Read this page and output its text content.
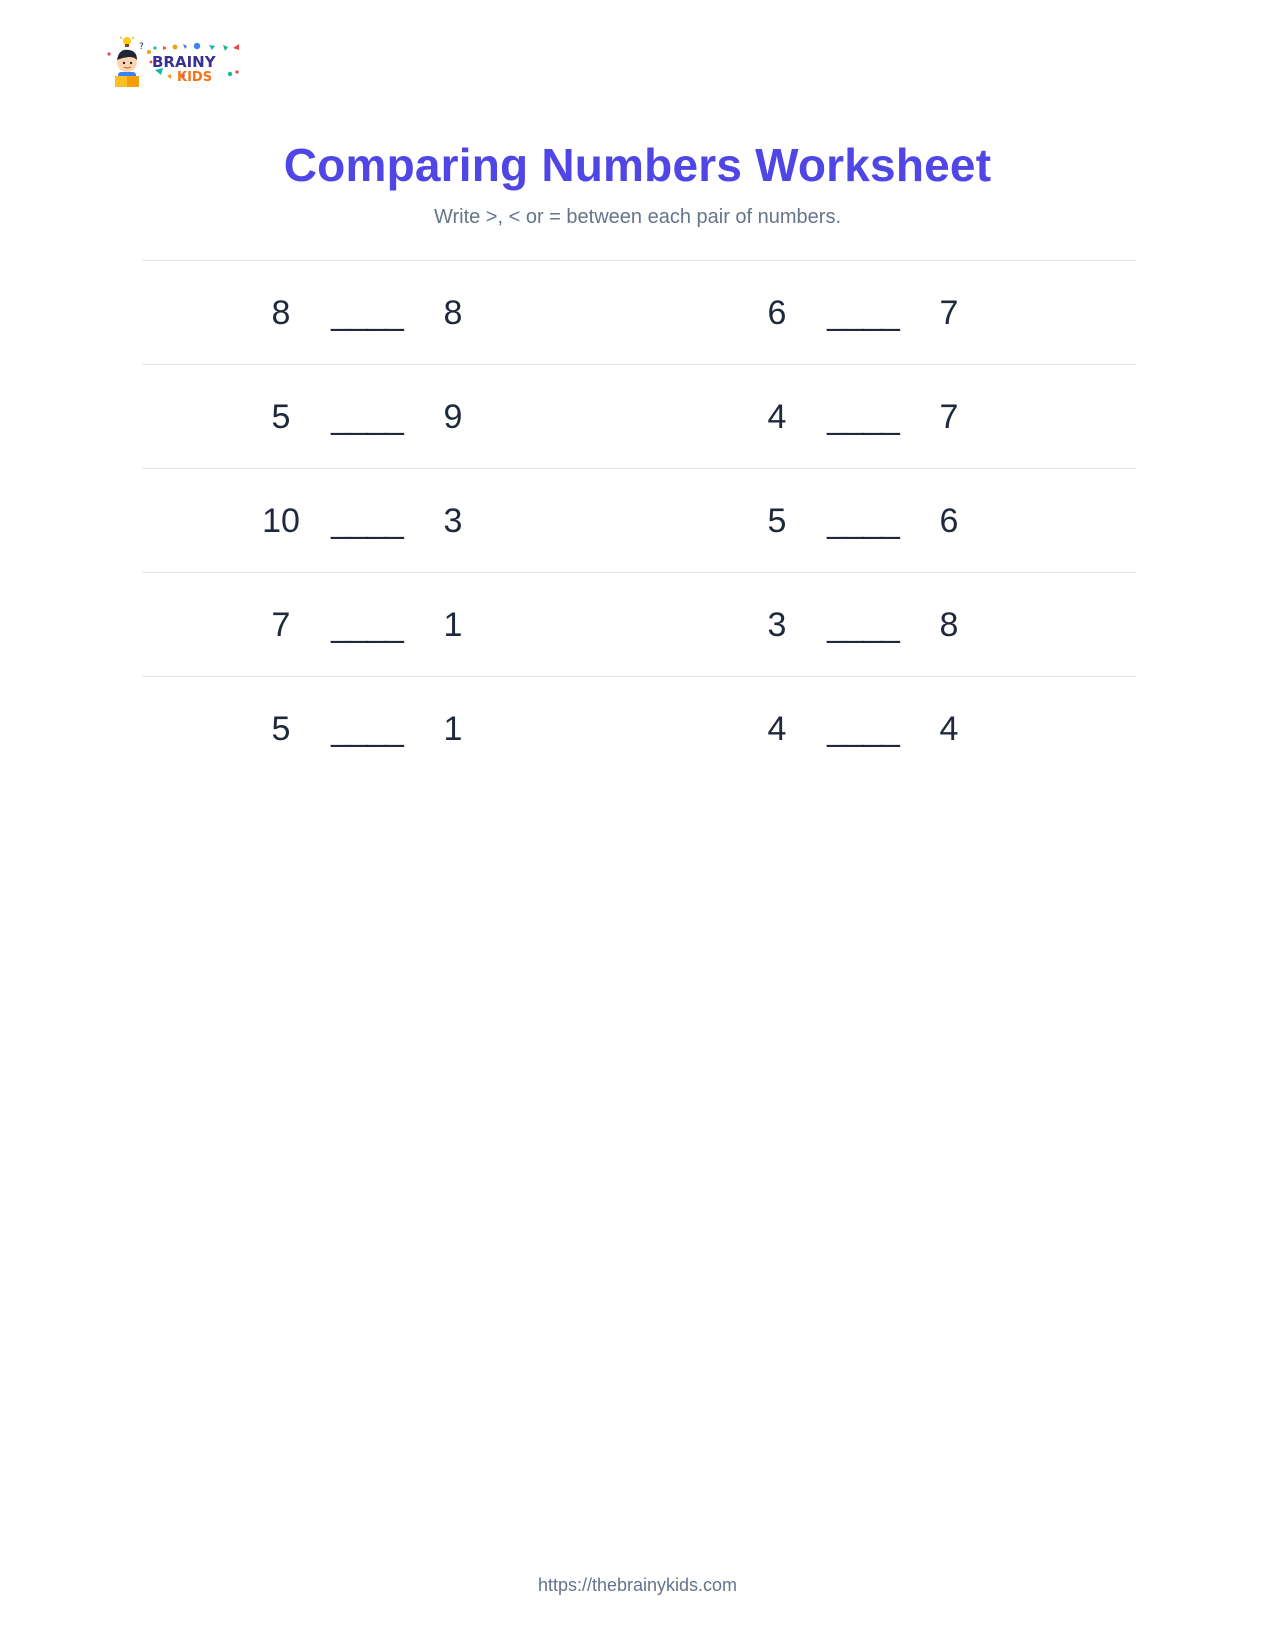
?
BRAINY
KIDS
Comparing Numbers Worksheet
Write >, < or = between each pair of numbers.
8	____	8	6	____	7
5	____	9	4	____	7
10 ____	3	5	____	6
7	____	1	3	____	8
5	____	1	4	____	4
https://thebrainykids.com
